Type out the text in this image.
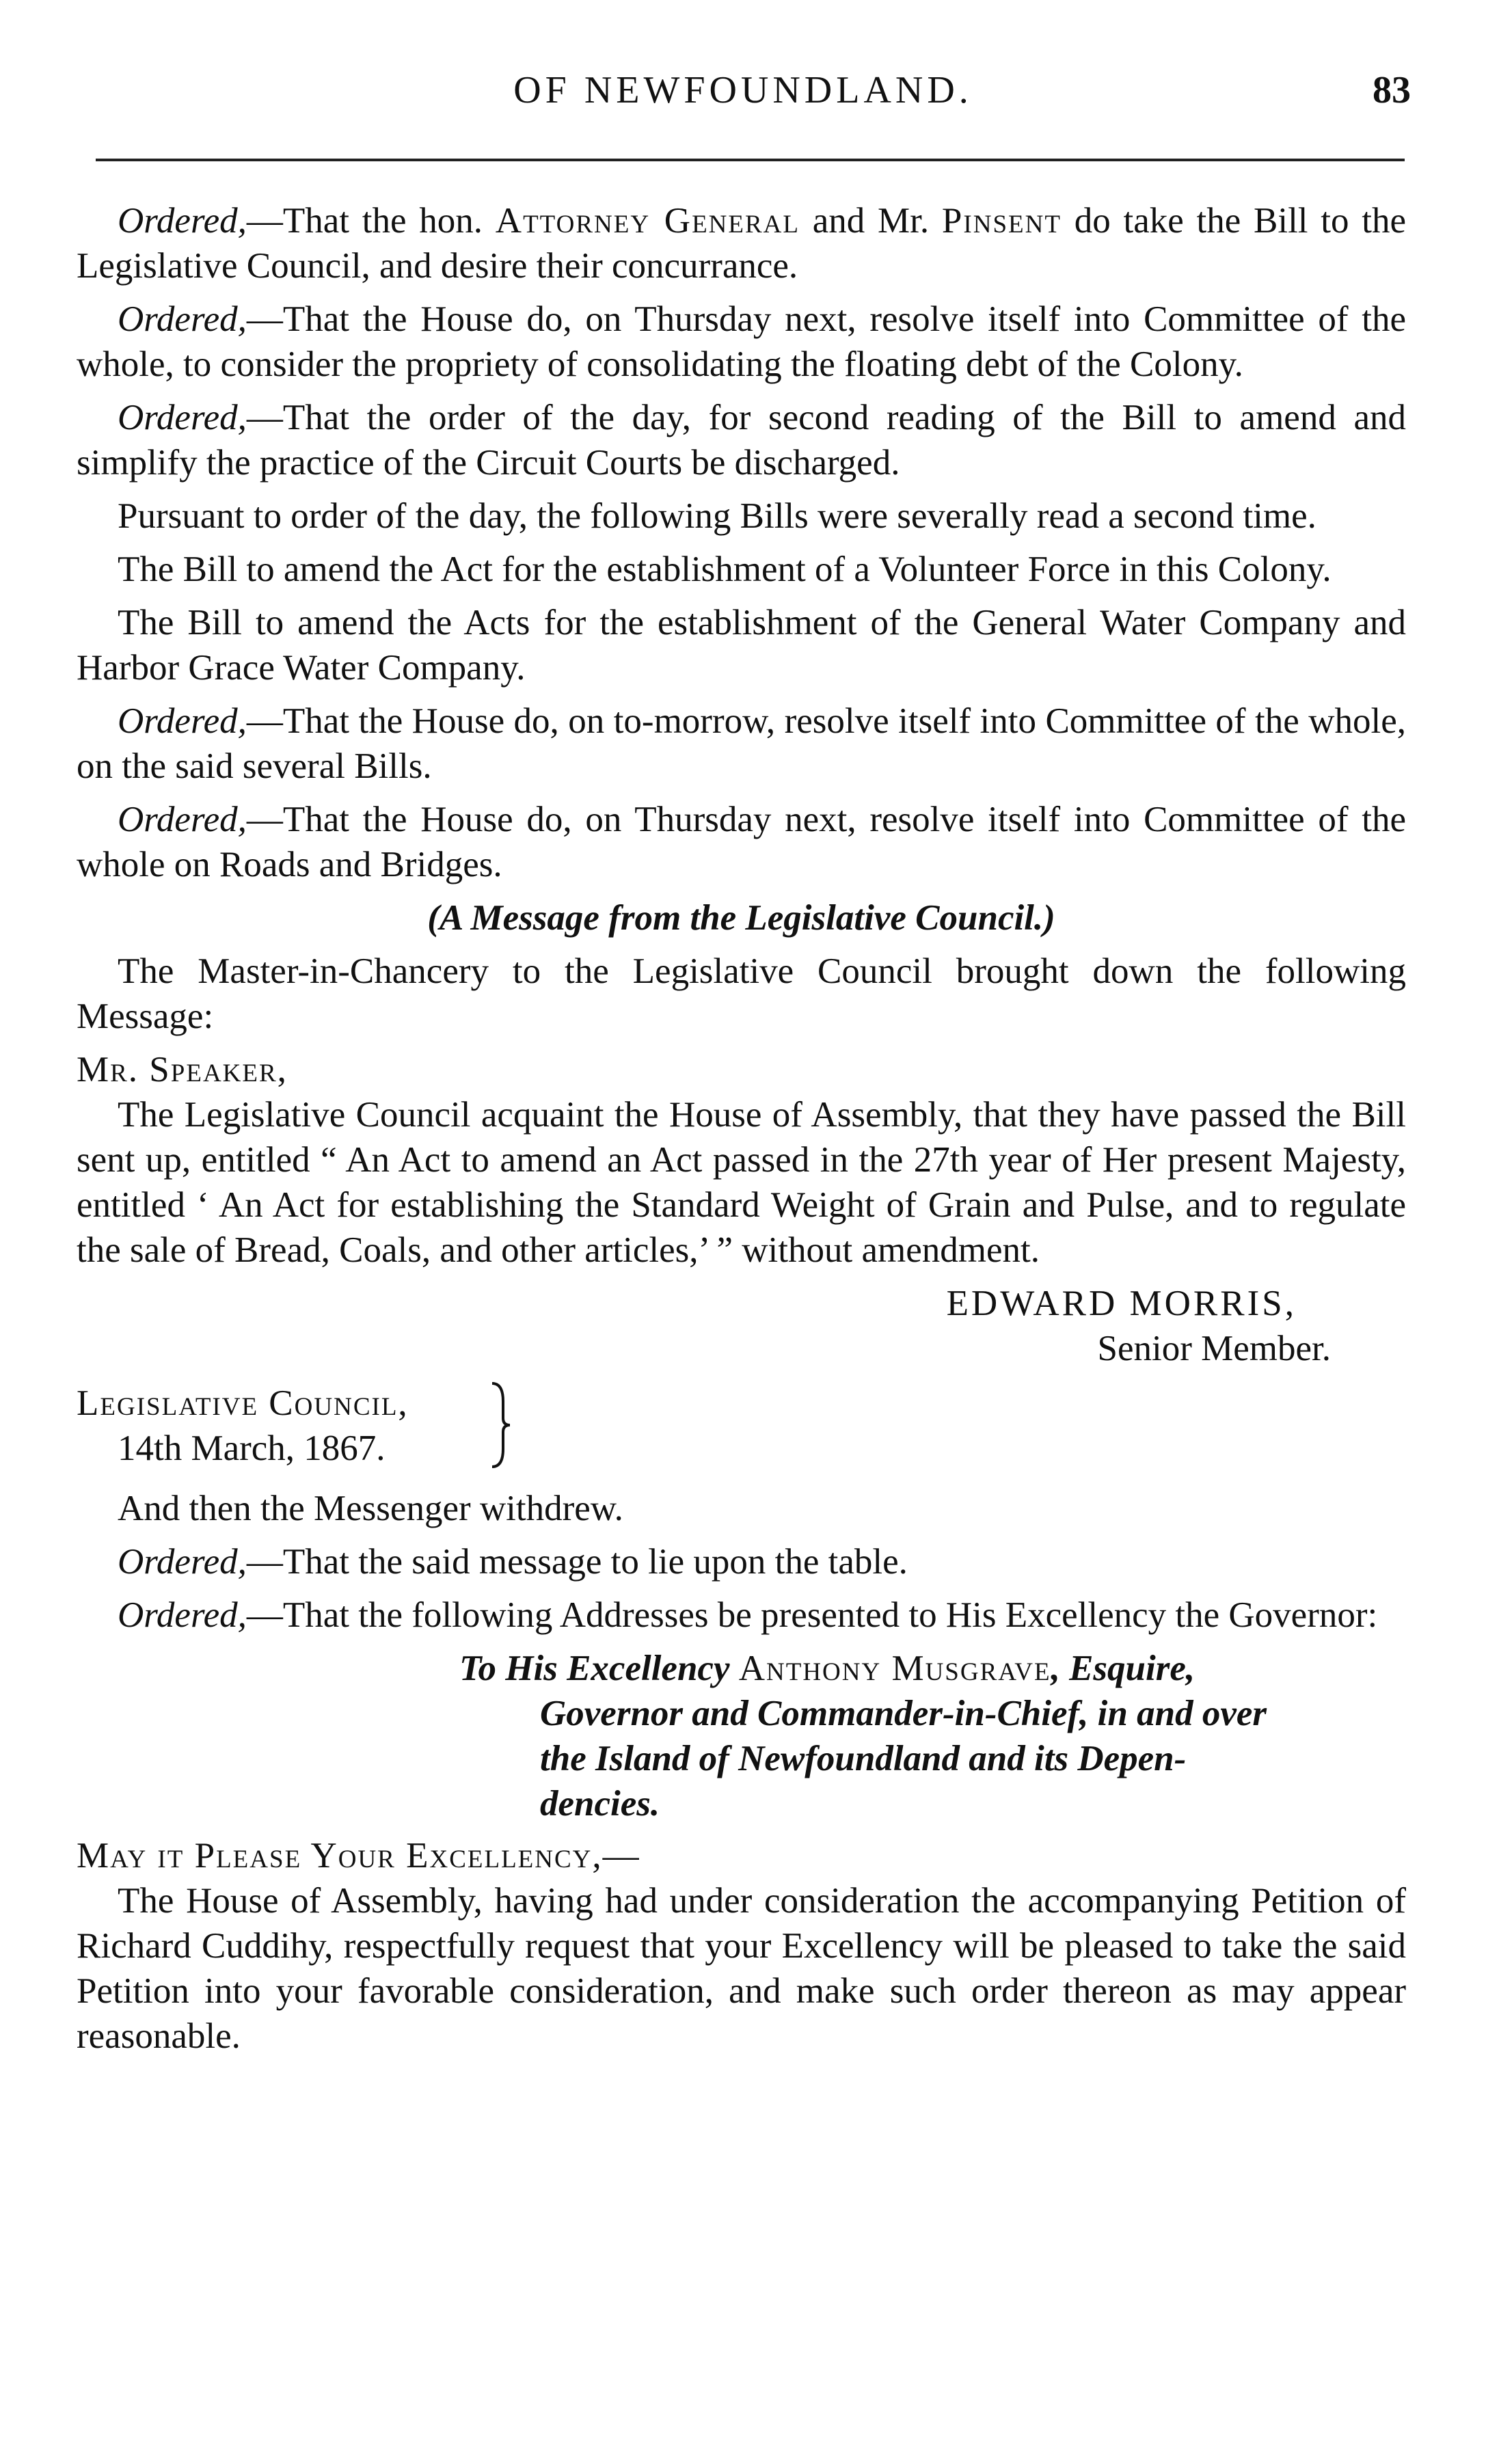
OF NEWFOUNDLAND.	83

Ordered,—That the hon. Attorney General and Mr. Pinsent do take the Bill to the Legislative Council, and desire their concurrance.

Ordered,—That the House do, on Thursday next, resolve itself into Committee of the whole, to consider the propriety of consolidating the floating debt of the Colony.

Ordered,—That the order of the day, for second reading of the Bill to amend and simplify the practice of the Circuit Courts be discharged.

Pursuant to order of the day, the following Bills were severally read a second time.

The Bill to amend the Act for the establishment of a Volunteer Force in this Colony.

The Bill to amend the Acts for the establishment of the General Water Company and Harbor Grace Water Company.

Ordered,—That the House do, on to-morrow, resolve itself into Committee of the whole, on the said several Bills.

Ordered,—That the House do, on Thursday next, resolve itself into Committee of the whole on Roads and Bridges.

(A Message from the Legislative Council.)

The Master-in-Chancery to the Legislative Council brought down the following Message:

Mr. Speaker,

The Legislative Council acquaint the House of Assembly, that they have passed the Bill sent up, entitled “ An Act to amend an Act passed in the 27th year of Her present Majesty, entitled ‘ An Act for establishing the Standard Weight of Grain and Pulse, and to regulate the sale of Bread, Coals, and other articles,’ ” without amendment.

EDWARD MORRIS,
Senior Member.
Legislative Council,
14th March, 1867.

And then the Messenger withdrew.

Ordered,—That the said message to lie upon the table.

Ordered,—That the following Addresses be presented to His Excellency the Governor:

To His Excellency Anthony Musgrave, Esquire,
Governor and Commander-in-Chief, in and over
the Island of Newfoundland and its Depen-
dencies.

May it Please Your Excellency,—

The House of Assembly, having had under consideration the accompanying Petition of Richard Cuddihy, respectfully request that your Excellency will be pleased to take the said Petition into your favorable consideration, and make such order thereon as may appear reasonable.
